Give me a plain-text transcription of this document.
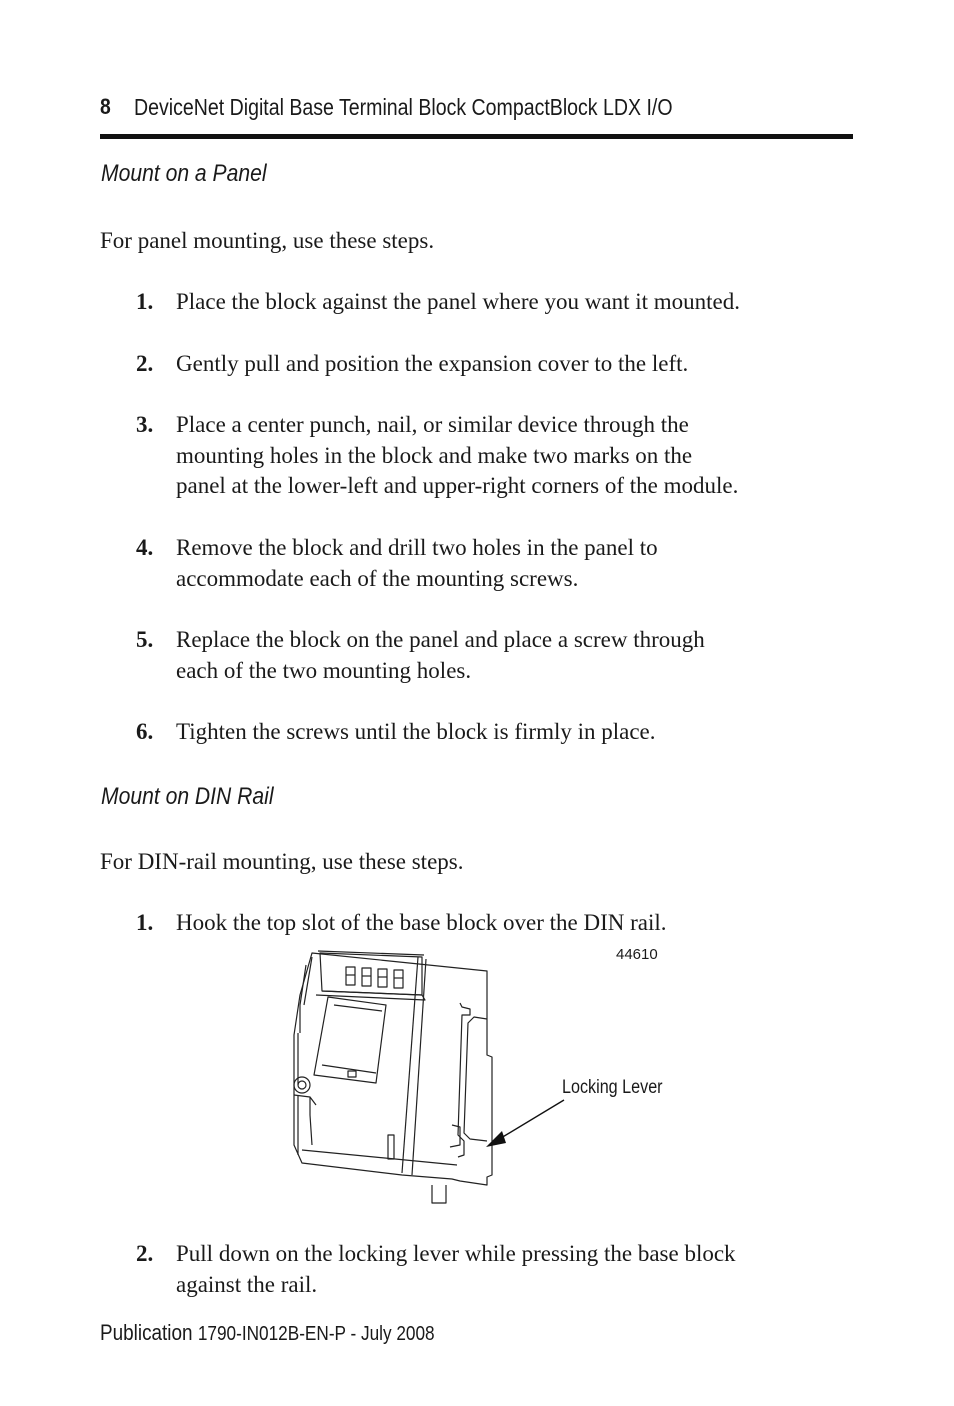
8 DeviceNet Digital Base Terminal Block CompactBlock LDX I/O
Mount on a Panel
For panel mounting, use these steps.
1. Place the block against the panel where you want it mounted.
2. Gently pull and position the expansion cover to the left.
3. Place a center punch, nail, or similar device through the
mounting holes in the block and make two marks on the
panel at the lower-left and upper-right corners of the module.
4. Remove the block and drill two holes in the panel to
accommodate each of the mounting screws.
5. Replace the block on the panel and place a screw through
each of the two mounting holes.
6. Tighten the screws until the block is firmly in place.
Mount on DIN Rail
For DIN-rail mounting, use these steps.
1. Hook the top slot of the base block over the DIN rail.
44610
Locking Lever
2. Pull down on the locking lever while pressing the base block
against the rail.
Publication 1790-IN012B-EN-P - July 2008
